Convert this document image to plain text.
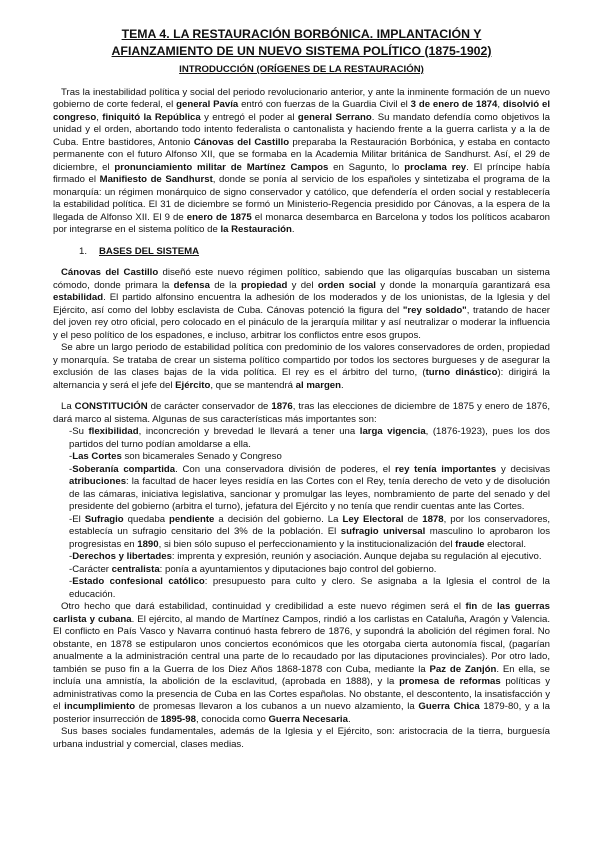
TEMA 4. LA RESTAURACIÓN BORBÓNICA. IMPLANTACIÓN Y
AFIANZAMIENTO DE UN NUEVO SISTEMA POLÍTICO (1875-1902)
INTRODUCCIÓN (ORÍGENES DE LA RESTAURACIÓN)

Tras la inestabilidad política y social del periodo revolucionario anterior, y ante la inminente formación de un nuevo gobierno de corte federal, el general Pavía entró con fuerzas de la Guardia Civil el 3 de enero de 1874, disolvió el congreso, finiquitó la República y entregó el poder al general Serrano. Su mandato defendía como objetivos la unidad y el orden, abortando todo intento federalista o cantonalista y haciendo frente a la guerra carlista y a la de Cuba. Entre bastidores, Antonio Cánovas del Castillo preparaba la Restauración Borbónica, y estaba en contacto permanente con el futuro Alfonso XII, que se formaba en la Academia Militar británica de Sandhurst. Así, el 29 de diciembre, el pronunciamiento militar de Martínez Campos en Sagunto, lo proclama rey. El príncipe había firmado el Manifiesto de Sandhurst, donde se ponía al servicio de los españoles y sintetizaba el programa de la monarquía: un régimen monárquico de signo conservador y católico, que defendería el orden social y restablecería la estabilidad política. El 31 de diciembre se formó un Ministerio-Regencia presidido por Cánovas, a la espera de la llegada de Alfonso XII. El 9 de enero de 1875 el monarca desembarca en Barcelona y todos los políticos acabaron por integrarse en el sistema político de la Restauración.

1. BASES DEL SISTEMA

Cánovas del Castillo diseñó este nuevo régimen político, sabiendo que las oligarquías buscaban un sistema cómodo, donde primara la defensa de la propiedad y del orden social y donde la monarquía garantizará esa estabilidad. El partido alfonsino encuentra la adhesión de los moderados y de los unionistas, de la Iglesia y del Ejército, así como del lobby esclavista de Cuba. Cánovas potenció la figura del "rey soldado", tratando de hacer del joven rey otro oficial, pero colocado en el pináculo de la jerarquía militar y así neutralizar o moderar la influencia y el peso político de los espadones, e incluso, arbitrar los conflictos entre esos grupos.

Se abre un largo periodo de estabilidad política con predominio de los valores conservadores de orden, propiedad y monarquía. Se trataba de crear un sistema político compartido por todos los sectores burgueses y de asegurar la exclusión de las clases bajas de la vida política. El rey es el árbitro del turno, (turno dinástico): dirigirá la alternancia y será el jefe del Ejército, que se mantendrá al margen.

La CONSTITUCIÓN de carácter conservador de 1876, tras las elecciones de diciembre de 1875 y enero de 1876, dará marco al sistema. Algunas de sus características más importantes son:

-Su flexibilidad, inconcreción y brevedad le llevará a tener una larga vigencia, (1876-1923), pues los dos partidos del turno podían amoldarse a ella.

-Las Cortes son bicamerales Senado y Congreso

-Soberanía compartida. Con una conservadora división de poderes, el rey tenía importantes y decisivas atribuciones: la facultad de hacer leyes residía en las Cortes con el Rey, tenía derecho de veto y de disolución de las cámaras, iniciativa legislativa, sancionar y promulgar las leyes, nombramiento de parte del senado y del presidente del gobierno (arbitra el turno), jefatura del Ejército y no tenía que rendir cuentas ante las Cortes.

-El Sufragio quedaba pendiente a decisión del gobierno. La Ley Electoral de 1878, por los conservadores, establecía un sufragio censitario del 3% de la población. El sufragio universal masculino lo aprobaron los progresistas en 1890, si bien sólo supuso el perfeccionamiento y la institucionalización del fraude electoral.

-Derechos y libertades: imprenta y expresión, reunión y asociación. Aunque dejaba su regulación al ejecutivo.

-Carácter centralista: ponía a ayuntamientos y diputaciones bajo control del gobierno.

-Estado confesional católico: presupuesto para culto y clero. Se asignaba a la Iglesia el control de la educación.

Otro hecho que dará estabilidad, continuidad y credibilidad a este nuevo régimen será el fin de las guerras carlista y cubana. El ejército, al mando de Martínez Campos, rindió a los carlistas en Cataluña, Aragón y Valencia. El conflicto en País Vasco y Navarra continuó hasta febrero de 1876, y supondrá la abolición del régimen foral. No obstante, en 1878 se estipularon unos conciertos económicos que les otorgaba cierta autonomía fiscal, (pagarían anualmente a la administración central una parte de lo recaudado por las diputaciones provinciales). Por otro lado, también se puso fin a la Guerra de los Diez Años 1868-1878 con Cuba, mediante la Paz de Zanjón. En ella, se incluía una amnistía, la abolición de la esclavitud, (aprobada en 1888), y la promesa de reformas políticas y administrativas como la presencia de Cuba en las Cortes españolas. No obstante, el descontento, la insatisfacción y el incumplimiento de promesas llevaron a los cubanos a un nuevo alzamiento, la Guerra Chica 1879-80, y a la posterior insurrección de 1895-98, conocida como Guerra Necesaria.

Sus bases sociales fundamentales, además de la Iglesia y el Ejército, son: aristocracia de la tierra, burguesía urbana industrial y comercial, clases medias.
